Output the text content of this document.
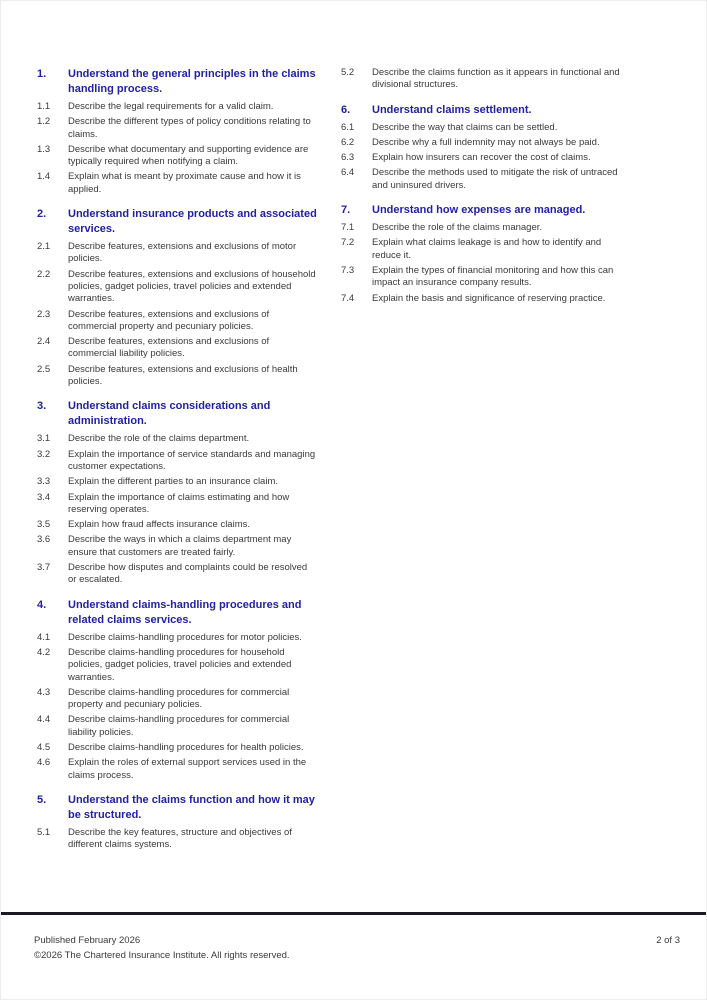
1.	Understand the general principles in the claims handling process.
1.1	Describe the legal requirements for a valid claim.
1.2	Describe the different types of policy conditions relating to claims.
1.3	Describe what documentary and supporting evidence are typically required when notifying a claim.
1.4	Explain what is meant by proximate cause and how it is applied.
2.	Understand insurance products and associated services.
2.1	Describe features, extensions and exclusions of motor policies.
2.2	Describe features, extensions and exclusions of household policies, gadget policies, travel policies and extended warranties.
2.3	Describe features, extensions and exclusions of commercial property and pecuniary policies.
2.4	Describe features, extensions and exclusions of commercial liability policies.
2.5	Describe features, extensions and exclusions of health policies.
3.	Understand claims considerations and administration.
3.1	Describe the role of the claims department.
3.2	Explain the importance of service standards and managing customer expectations.
3.3	Explain the different parties to an insurance claim.
3.4	Explain the importance of claims estimating and how reserving operates.
3.5	Explain how fraud affects insurance claims.
3.6	Describe the ways in which a claims department may ensure that customers are treated fairly.
3.7	Describe how disputes and complaints could be resolved or escalated.
4.	Understand claims-handling procedures and related claims services.
4.1	Describe claims-handling procedures for motor policies.
4.2	Describe claims-handling procedures for household policies, gadget policies, travel policies and extended warranties.
4.3	Describe claims-handling procedures for commercial property and pecuniary policies.
4.4	Describe claims-handling procedures for commercial liability policies.
4.5	Describe claims-handling procedures for health policies.
4.6	Explain the roles of external support services used in the claims process.
5.	Understand the claims function and how it may be structured.
5.1	Describe the key features, structure and objectives of different claims systems.
5.2	Describe the claims function as it appears in functional and divisional structures.
6.	Understand claims settlement.
6.1	Describe the way that claims can be settled.
6.2	Describe why a full indemnity may not always be paid.
6.3	Explain how insurers can recover the cost of claims.
6.4	Describe the methods used to mitigate the risk of untraced and uninsured drivers.
7.	Understand how expenses are managed.
7.1	Describe the role of the claims manager.
7.2	Explain what claims leakage is and how to identify and reduce it.
7.3	Explain the types of financial monitoring and how this can impact an insurance company results.
7.4	Explain the basis and significance of reserving practice.
Published February 2026
©2026 The Chartered Insurance Institute. All rights reserved.
2 of 3
